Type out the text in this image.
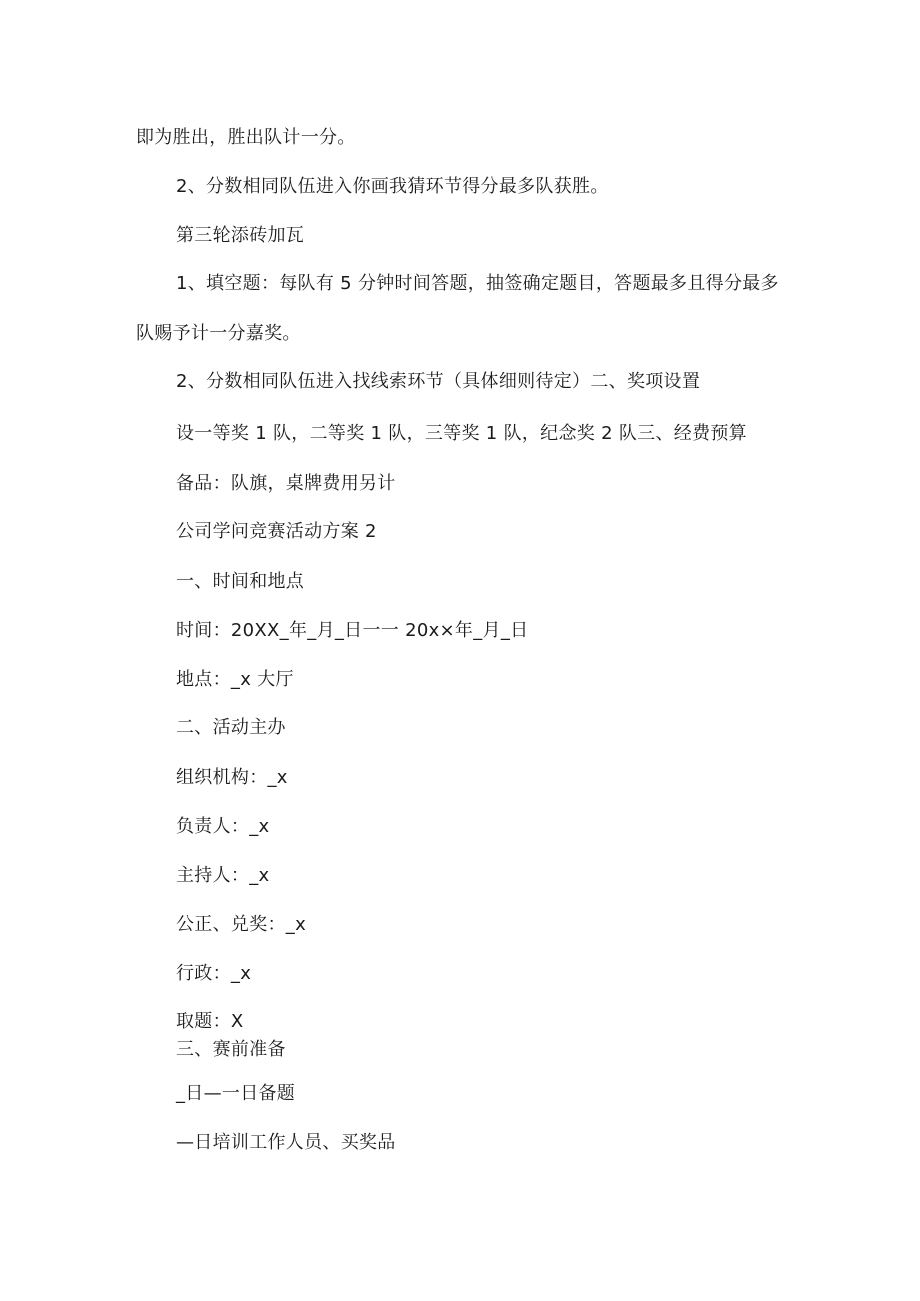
即为胜出，胜出队计一分。
2、分数相同队伍进入你画我猜环节得分最多队获胜。
第三轮添砖加瓦
1、填空题：每队有 5 分钟时间答题，抽签确定题目，答题最多且得分最多
队赐予计一分嘉奖。
2、分数相同队伍进入找线索环节（具体细则待定）二、奖项设置
设一等奖 1 队，二等奖 1 队，三等奖 1 队，纪念奖 2 队三、经费预算
备品：队旗，桌牌费用另计
公司学问竞赛活动方案 2
一、时间和地点
时间：20XX_年_月_日一一 20x×年_月_日
地点：_x 大厅
二、活动主办
组织机构：_x
负责人：_x
主持人：_x
公正、兑奖：_x
行政：_x
取题：X
三、赛前准备
_日—一日备题
—日培训工作人员、买奖品
